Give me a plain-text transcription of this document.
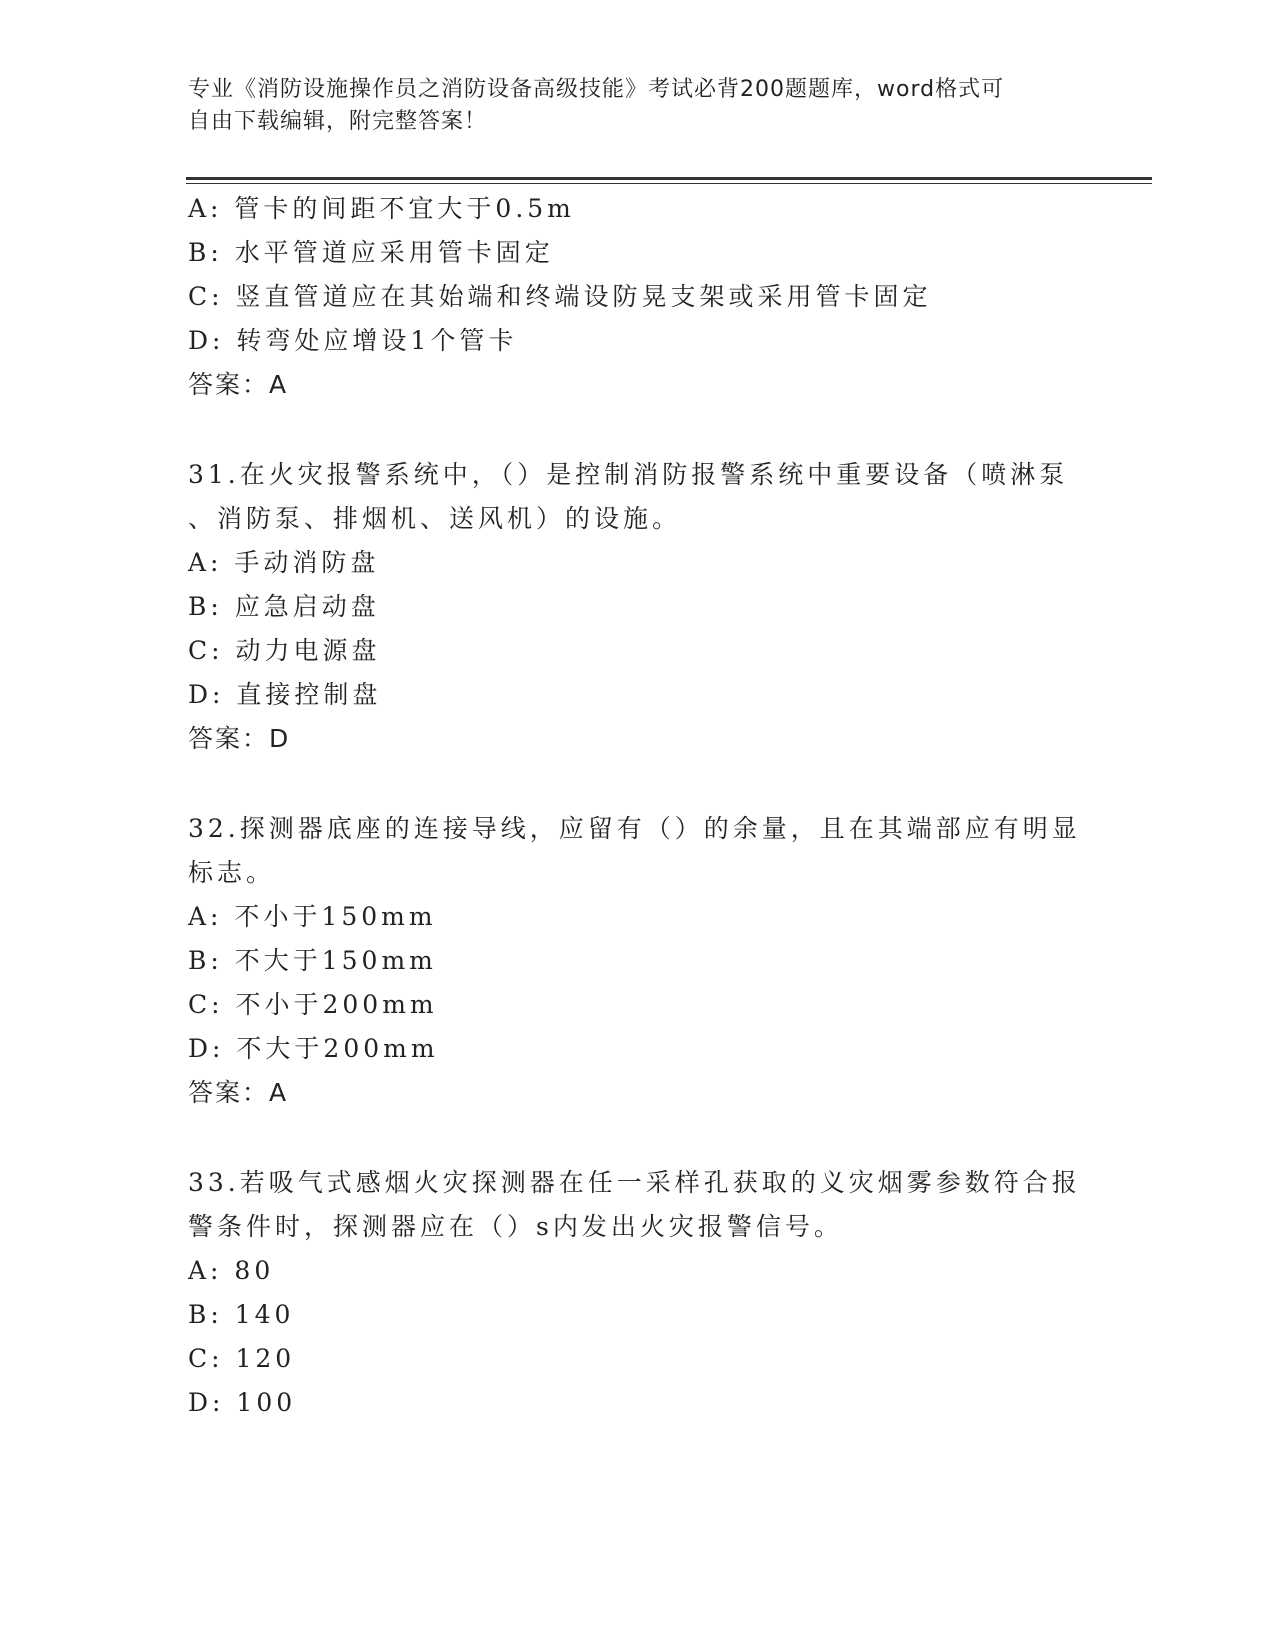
专业《消防设施操作员之消防设备高级技能》考试必背200题题库，word格式可
自由下载编辑，附完整答案！
A: 管卡的间距不宜大于0.5m
B: 水平管道应采用管卡固定
C: 竖直管道应在其始端和终端设防晃支架或采用管卡固定
D: 转弯处应增设1个管卡
答案：A
31.在火灾报警系统中，（）是控制消防报警系统中重要设备（喷淋泵
、消防泵、排烟机、送风机）的设施。
A: 手动消防盘
B: 应急启动盘
C: 动力电源盘
D: 直接控制盘
答案：D
32.探测器底座的连接导线，应留有（）的余量，且在其端部应有明显
标志。
A: 不小于150mm
B: 不大于150mm
C: 不小于200mm
D: 不大于200mm
答案：A
33.若吸气式感烟火灾探测器在任一采样孔获取的义灾烟雾参数符合报
警条件时，探测器应在（）s内发出火灾报警信号。
A: 80
B: 140
C: 120
D: 100
